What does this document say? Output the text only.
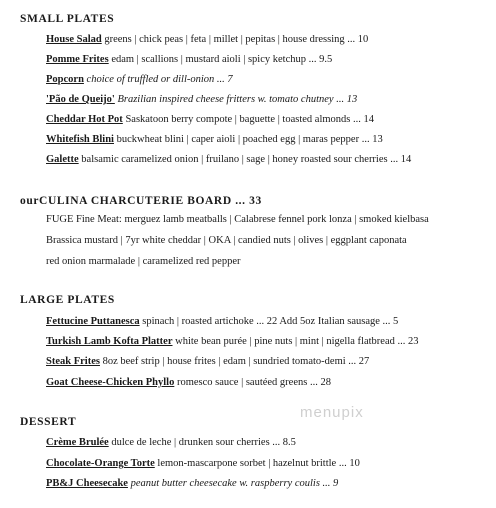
SMALL PLATES
House Salad greens | chick peas | feta | millet | pepitas | house dressing ... 10
Pomme Frites edam | scallions | mustard aioli | spicy ketchup ... 9.5
Popcorn choice of truffled or dill-onion ... 7
'Pão de Queijo' Brazilian inspired cheese fritters w. tomato chutney ... 13
Cheddar Hot Pot Saskatoon berry compote | baguette | toasted almonds ... 14
Whitefish Blini buckwheat blini | caper aioli | poached egg | maras pepper ... 13
Galette balsamic caramelized onion | fruilano | sage | honey roasted sour cherries ... 14
ourCULINA CHARCUTERIE BOARD ... 33
FUGE Fine Meat: merguez lamb meatballs | Calabrese fennel pork lonza | smoked kielbasa
Brassica mustard | 7yr white cheddar | OKA | candied nuts | olives | eggplant caponata
red onion marmalade | caramelized red pepper
LARGE PLATES
Fettucine Puttanesca spinach | roasted artichoke ... 22 Add 5oz Italian sausage ... 5
Turkish Lamb Kofta Platter white bean purée | pine nuts | mint | nigella flatbread ... 23
Steak Frites 8oz beef strip | house frites | edam | sundried tomato-demi ... 27
Goat Cheese-Chicken Phyllo romesco sauce | sautéed greens ... 28
DESSERT
Crème Brulée dulce de leche | drunken sour cherries ... 8.5
Chocolate-Orange Torte lemon-mascarpone sorbet | hazelnut brittle ... 10
PB&J Cheesecake peanut butter cheesecake w. raspberry coulis ... 9
menupix
